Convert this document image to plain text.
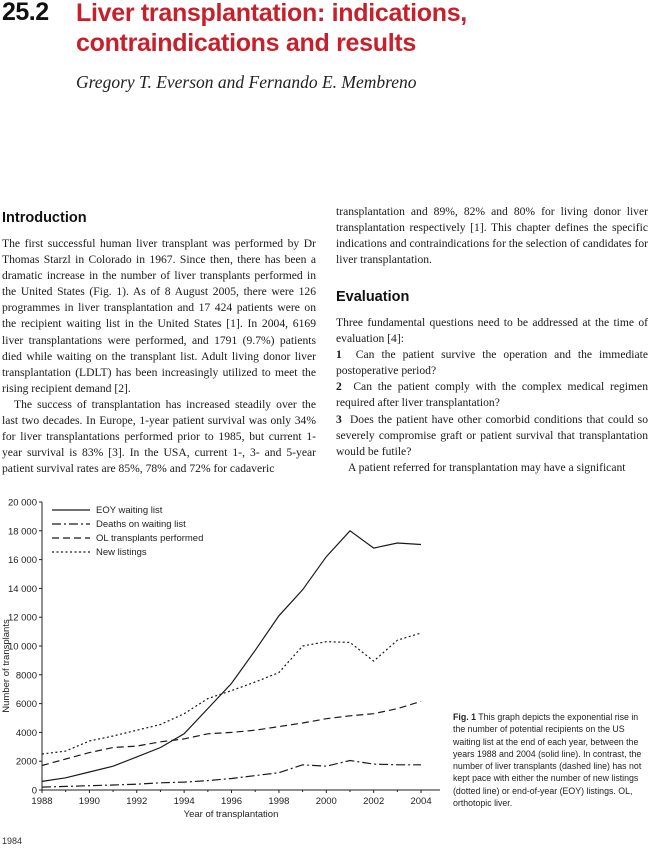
25.2 Liver transplantation: indications,
contraindications and results
Gregory T. Everson and Fernando E. Membreno
Introduction

The first successful human liver transplant was performed by Dr Thomas Starzl in Colorado in 1967. Since then, there has been a dramatic increase in the number of liver transplants performed in the United States (Fig. 1). As of 8 August 2005, there were 126 programmes in liver transplantation and 17 424 patients were on the recipient waiting list in the United States [1]. In 2004, 6169 liver transplantations were performed, and 1791 (9.7%) patients died while waiting on the transplant list. Adult living donor liver transplantation (LDLT) has been increasingly utilized to meet the rising recipient demand [2].

The success of transplantation has increased steadily over the last two decades. In Europe, 1-year patient survival was only 34% for liver transplantations performed prior to 1985, but current 1-year survival is 83% [3]. In the USA, current 1-, 3- and 5-year patient survival rates are 85%, 78% and 72% for cadaveric

transplantation and 89%, 82% and 80% for living donor liver transplantation respectively [1]. This chapter defines the specific indications and contraindications for the selection of candidates for liver transplantation.

Evaluation

Three fundamental questions need to be addressed at the time of evaluation [4]:

1 Can the patient survive the operation and the immediate postoperative period?

2 Can the patient comply with the complex medical regimen required after liver transplantation?

3 Does the patient have other comorbid conditions that could so severely compromise graft or patient survival that transplantation would be futile?

A patient referred for transplantation may have a significant

0
2000
4000
6000
8000
10 000
12 000
14 000
16 000
18 000
20 000
1988	1990	1992	1994	1996	1998	2000	2002	2004
Year of transplantation
Number of transplants
EOY waiting list
Deaths on waiting list
OL transplants performed
New listings
Fig. 1 This graph depicts the exponential rise in the number of potential recipients on the US waiting list at the end of each year, between the years 1988 and 2004 (solid line). In contrast, the number of liver transplants (dashed line) has not kept pace with either the number of new listings (dotted line) or end-of-year (EOY) listings. OL, orthotopic liver.
1984
